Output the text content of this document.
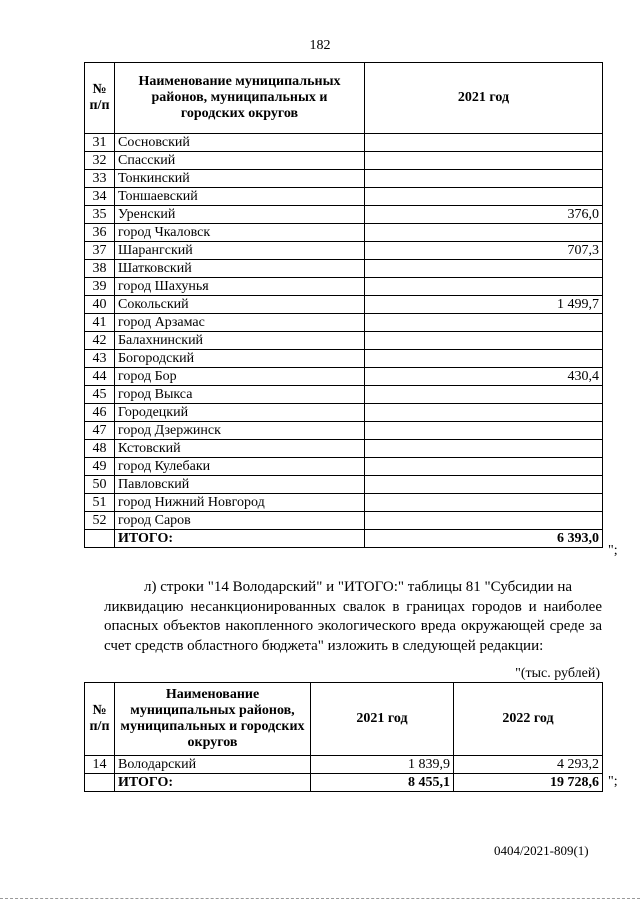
182
№ п/п	Наименование муниципальных районов, муниципальных и городских округов	2021 год
31	Сосновский	
32	Спасский	
33	Тонкинский	
34	Тоншаевский	
35	Уренский	376,0
36	город Чкаловск	
37	Шарангский	707,3
38	Шатковский	
39	город Шахунья	
40	Сокольский	1 499,7
41	город Арзамас	
42	Балахнинский	
43	Богородский	
44	город Бор	430,4
45	город Выкса	
46	Городецкий	
47	город Дзержинск	
48	Кстовский	
49	город Кулебаки	
50	Павловский	
51	город Нижний Новгород	
52	город Саров	
	ИТОГО:	6 393,0
";
л) строки "14 Володарский" и "ИТОГО:" таблицы 81 "Субсидии на
ликвидацию несанкционированных свалок в границах городов и наиболее опасных объектов накопленного экологического вреда окружающей среде за счет средств областного бюджета" изложить в следующей редакции:
"(тыс. рублей)
№ п/п	Наименование муниципальных районов, муниципальных и городских округов	2021 год	2022 год
14	Володарский	1 839,9	4 293,2
	ИТОГО:	8 455,1	19 728,6 ";
0404/2021-809(1)
